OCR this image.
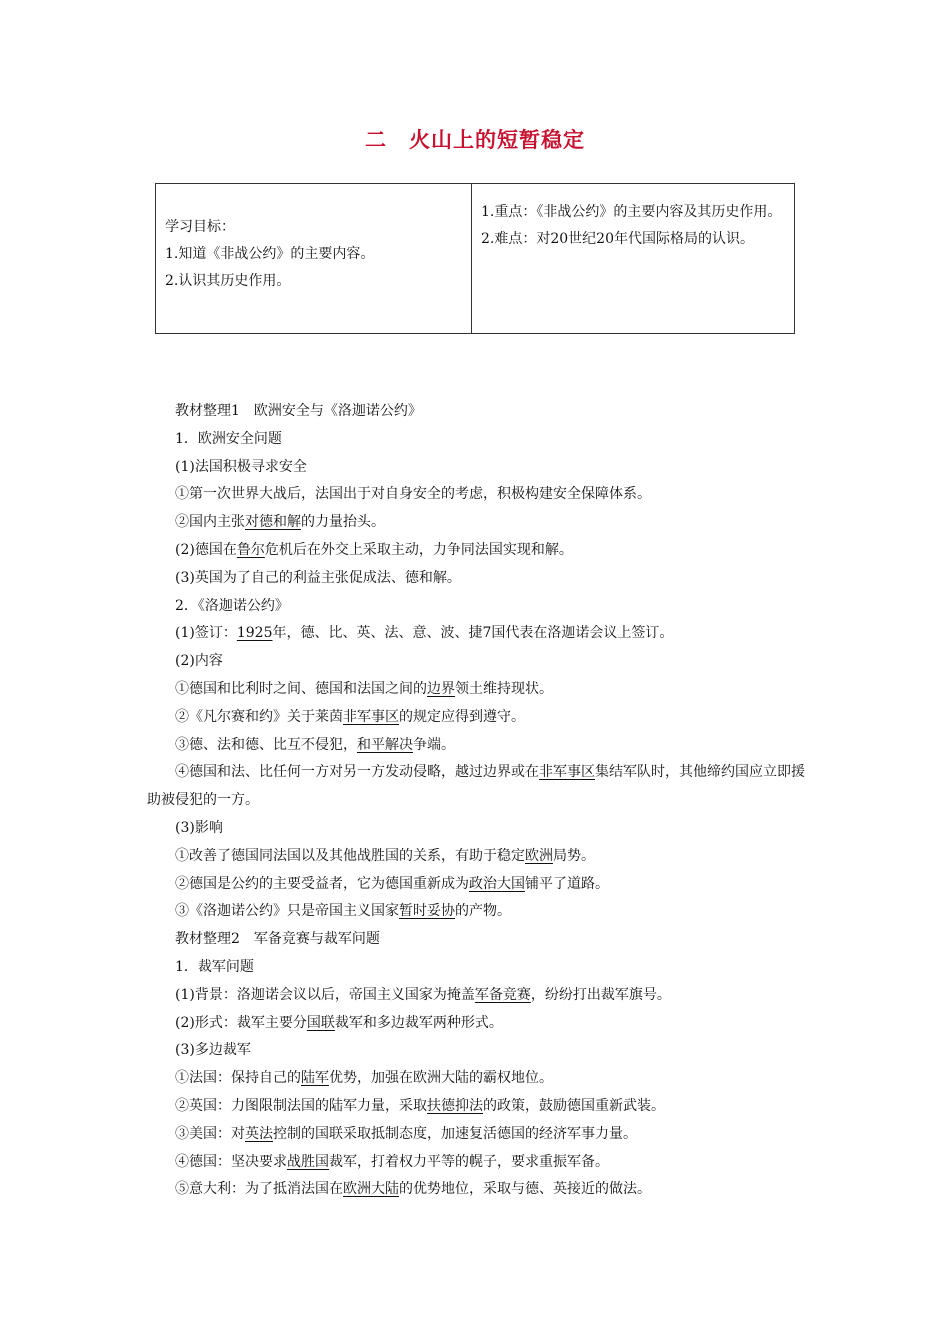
二　火山上的短暂稳定

学习目标：

1.知道《非战公约》的主要内容。

2.认识其历史作用。

1.重点：《非战公约》的主要内容及其历史作用。

2.难点：对20世纪20年代国际格局的认识。

教材整理1　欧洲安全与《洛迦诺公约》

1．欧洲安全问题

(1)法国积极寻求安全

①第一次世界大战后，法国出于对自身安全的考虑，积极构建安全保障体系。

②国内主张对德和解的力量抬头。

(2)德国在鲁尔危机后在外交上采取主动，力争同法国实现和解。

(3)英国为了自己的利益主张促成法、德和解。

2．《洛迦诺公约》

(1)签订：1925年，德、比、英、法、意、波、捷7国代表在洛迦诺会议上签订。

(2)内容

①德国和比利时之间、德国和法国之间的边界领土维持现状。

②《凡尔赛和约》关于莱茵非军事区的规定应得到遵守。

③德、法和德、比互不侵犯，和平解决争端。

④德国和法、比任何一方对另一方发动侵略，越过边界或在非军事区集结军队时，其他缔约国应立即援助被侵犯的一方。

(3)影响

①改善了德国同法国以及其他战胜国的关系，有助于稳定欧洲局势。

②德国是公约的主要受益者，它为德国重新成为政治大国铺平了道路。

③《洛迦诺公约》只是帝国主义国家暂时妥协的产物。

教材整理2　军备竞赛与裁军问题

1．裁军问题

(1)背景：洛迦诺会议以后，帝国主义国家为掩盖军备竞赛，纷纷打出裁军旗号。

(2)形式：裁军主要分国联裁军和多边裁军两种形式。

(3)多边裁军

①法国：保持自己的陆军优势，加强在欧洲大陆的霸权地位。

②英国：力图限制法国的陆军力量，采取扶德抑法的政策，鼓励德国重新武装。

③美国：对英法控制的国联采取抵制态度，加速复活德国的经济军事力量。

④德国：坚决要求战胜国裁军，打着权力平等的幌子，要求重振军备。

⑤意大利：为了抵消法国在欧洲大陆的优势地位，采取与德、英接近的做法。
